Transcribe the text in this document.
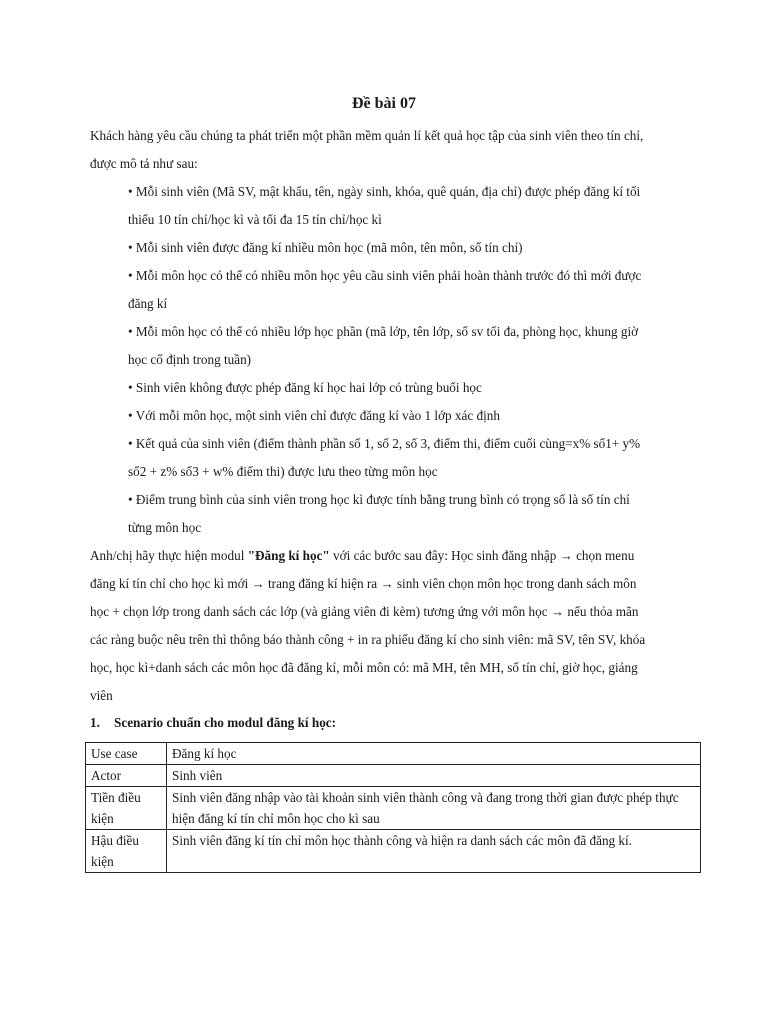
Đề bài 07

Khách hàng yêu cầu chúng ta phát triển một phần mềm quản lí kết quả học tập của sinh viên theo tín chỉ, được mô tả như sau:

• Mỗi sinh viên (Mã SV, mật khẩu, tên, ngày sinh, khóa, quê quán, địa chỉ) được phép đăng kí tối thiểu 10 tín chỉ/học kì và tối đa 15 tín chỉ/học kì
• Mỗi sinh viên được đăng kí nhiều môn học (mã môn, tên môn, số tín chỉ)
• Mỗi môn học có thể có nhiều môn học yêu cầu sinh viên phải hoàn thành trước đó thì mới được đăng kí
• Mỗi môn học có thể có nhiều lớp học phần (mã lớp, tên lớp, số sv tối đa, phòng học, khung giờ học cố định trong tuần)
• Sinh viên không được phép đăng kí học hai lớp có trùng buổi học
• Với mỗi môn học, một sinh viên chỉ được đăng kí vào 1 lớp xác định
• Kết quả của sinh viên (điểm thành phần số 1, số 2, số 3, điểm thi, điểm cuối cùng=x% số1+ y% số2 + z% số3 + w% điểm thi) được lưu theo từng môn học
• Điểm trung bình của sinh viên trong học kì được tính bằng trung bình có trọng số là số tín chỉ từng môn học

Anh/chị hãy thực hiện modul "Đăng kí học" với các bước sau đây: Học sinh đăng nhập → chọn menu đăng kí tín chỉ cho học kì mới → trang đăng kí hiện ra → sinh viên chọn môn học trong danh sách môn học + chọn lớp trong danh sách các lớp (và giảng viên đi kèm) tương ứng với môn học → nếu thỏa mãn các ràng buộc nêu trên thì thông báo thành công + in ra phiếu đăng kí cho sinh viên: mã SV, tên SV, khóa học, học kì+danh sách các môn học đã đăng kí, mỗi môn có: mã MH, tên MH, số tín chỉ, giờ học, giảng viên

1. Scenario chuẩn cho modul đăng kí học:
Use case	Đăng kí học
Actor	Sinh viên
Tiền điều kiện	Sinh viên đăng nhập vào tài khoản sinh viên thành công và đang trong thời gian được phép thực hiện đăng kí tín chỉ môn học cho kì sau
Hậu điều kiện	Sinh viên đăng kí tín chỉ môn học thành công và hiện ra danh sách các môn đã đăng kí.
